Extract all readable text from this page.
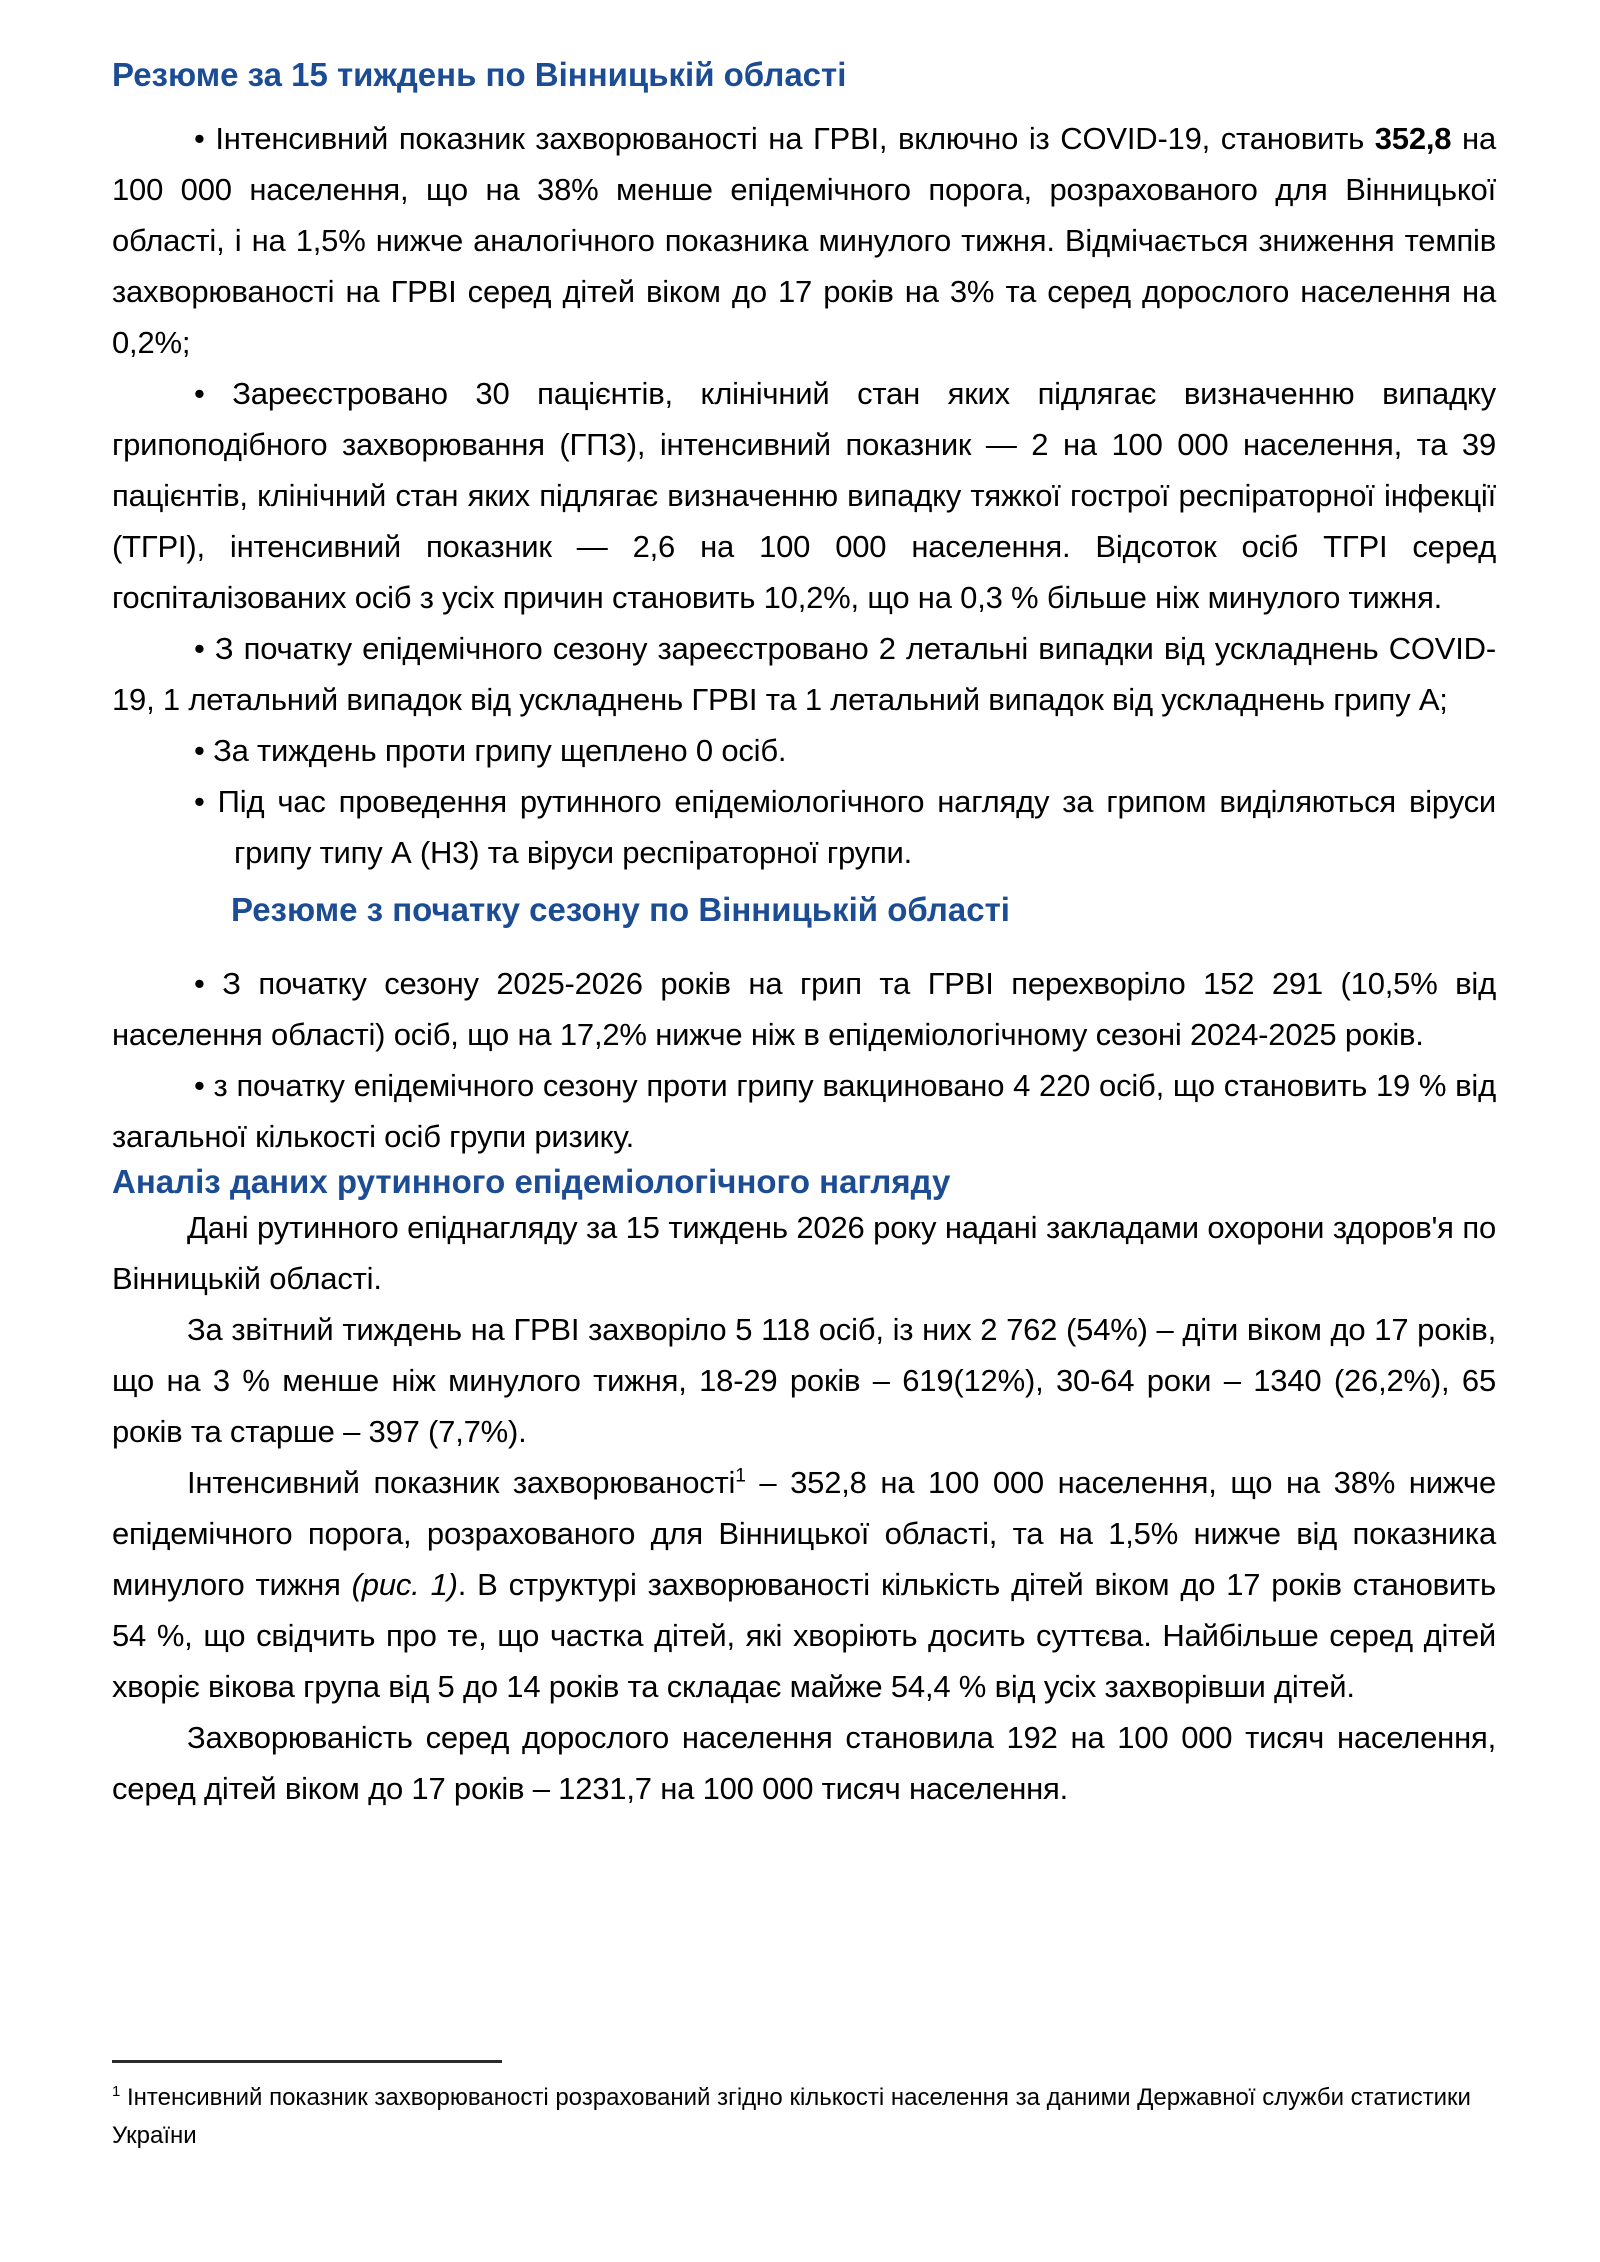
Резюме за 15 тиждень по Вінницькій області

• Інтенсивний показник захворюваності на ГРВІ, включно із COVID-19, становить 352,8 на 100 000 населення, що на 38% менше епідемічного порога, розрахованого для Вінницької області, і на 1,5% нижче аналогічного показника минулого тижня. Відмічається зниження темпів захворюваності на ГРВІ серед дітей віком до 17 років на 3% та серед дорослого населення на 0,2%;

• Зареєстровано 30 пацієнтів, клінічний стан яких підлягає визначенню випадку грипоподібного захворювання (ГПЗ), інтенсивний показник — 2 на 100 000 населення, та 39 пацієнтів, клінічний стан яких підлягає визначенню випадку тяжкої гострої респіраторної інфекції (ТГРІ), інтенсивний показник — 2,6 на 100 000 населення. Відсоток осіб ТГРІ серед госпіталізованих осіб з усіх причин становить 10,2%, що на 0,3 % більше ніж минулого тижня.

• З початку епідемічного сезону зареєстровано 2 летальні випадки від ускладнень COVID-19, 1 летальний випадок від ускладнень ГРВІ та 1 летальний випадок від ускладнень грипу А;

• За тиждень проти грипу щеплено 0 осіб.

• Під час проведення рутинного епідеміологічного нагляду за грипом виділяються віруси грипу типу А (Н3) та віруси респіраторної групи.

Резюме з початку сезону по Вінницькій області

• З початку сезону 2025-2026 років на грип та ГРВІ перехворіло 152 291 (10,5% від населення області) осіб, що на 17,2% нижче ніж в епідеміологічному сезоні 2024-2025 років.

• з початку епідемічного сезону проти грипу вакциновано 4 220 осіб, що становить 19 % від загальної кількості осіб групи ризику.

Аналіз даних рутинного епідеміологічного нагляду

Дані рутинного епіднагляду за 15 тиждень 2026 року надані закладами охорони здоров'я по Вінницькій області.

За звітний тиждень на ГРВІ захворіло 5 118 осіб, із них 2 762 (54%) – діти віком до 17 років, що на 3 % менше ніж минулого тижня, 18-29 років – 619(12%), 30-64 роки – 1340 (26,2%), 65 років та старше – 397 (7,7%).

Інтенсивний показник захворюваності$^1$ – 352,8 на 100 000 населення, що на 38% нижче епідемічного порога, розрахованого для Вінницької області, та на 1,5% нижче від показника минулого тижня (рис. 1). В структурі захворюваності кількість дітей віком до 17 років становить 54 %, що свідчить про те, що частка дітей, які хворіють досить суттєва. Найбільше серед дітей хворіє вікова група від 5 до 14 років та складає майже 54,4 % від усіх захворівши дітей.

Захворюваність серед дорослого населення становила 192 на 100 000 тисяч населення, серед дітей віком до 17 років – 1231,7 на 100 000 тисяч населення.

$^1$ Інтенсивний показник захворюваності розрахований згідно кількості населення за даними Державної служби статистики України
